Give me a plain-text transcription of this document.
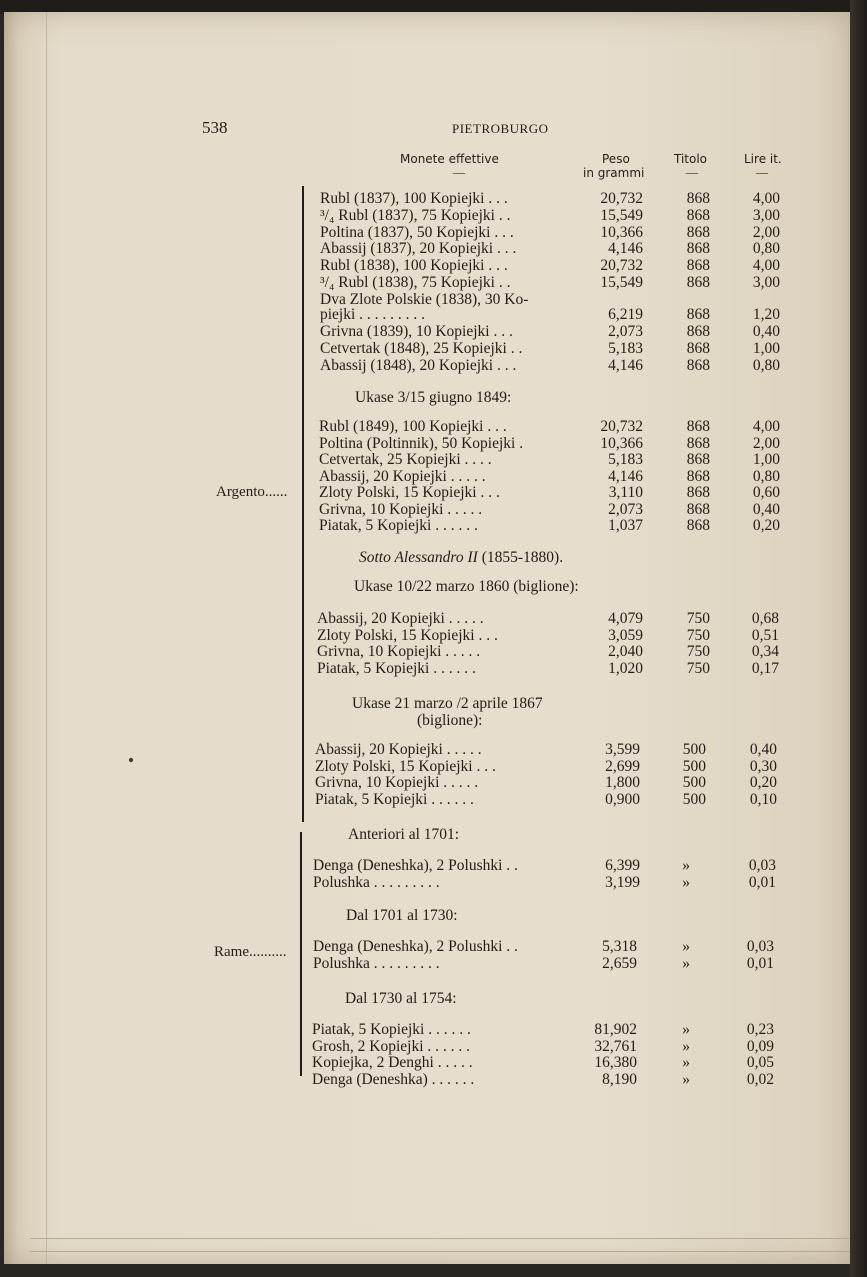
538	PIETROBURGO
Monete effettive	Peso
in grammi
Titolo	Lire it.
—	—	—
Argento......
Rame..........
Rubl (1837), 100 Kopiejki . . .	20,732	868	4,00
³/₄ Rubl (1837), 75 Kopiejki . .	15,549	868	3,00
Poltina (1837), 50 Kopiejki . . .	10,366	868	2,00
Abassij (1837), 20 Kopiejki . . .	4,146	868	0,80
Rubl (1838), 100 Kopiejki . . .	20,732	868	4,00
³/₄ Rubl (1838), 75 Kopiejki . .	15,549	868	3,00
Dva Zlote Polskie (1838), 30 Ko-
piejki . . . . . . . . .	6,219	868	1,20
Grivna (1839), 10 Kopiejki . . .	2,073	868	0,40
Cetvertak (1848), 25 Kopiejki . .	5,183	868	1,00
Abassij (1848), 20 Kopiejki . . .	4,146	868	0,80
Ukase 3/15 giugno 1849:
Rubl (1849), 100 Kopiejki . . .	20,732	868	4,00
Poltina (Poltinnik), 50 Kopiejki .	10,366	868	2,00
Cetvertak, 25 Kopiejki . . . .	5,183	868	1,00
Abassij, 20 Kopiejki . . . . .	4,146	868	0,80
Zloty Polski, 15 Kopiejki . . .	3,110	868	0,60
Grivna, 10 Kopiejki . . . . .	2,073	868	0,40
Piatak, 5 Kopiejki . . . . . .	1,037	868	0,20
Sotto Alessandro II (1855-1880).
Ukase 10/22 marzo 1860 (biglione):
Abassij, 20 Kopiejki . . . . .	4,079	750	0,68
Zloty Polski, 15 Kopiejki . . .	3,059	750	0,51
Grivna, 10 Kopiejki . . . . .	2,040	750	0,34
Piatak, 5 Kopiejki . . . . . .	1,020	750	0,17
Ukase 21 marzo /2 aprile 1867
(biglione):
Abassij, 20 Kopiejki . . . . .	3,599	500	0,40
Zloty Polski, 15 Kopiejki . . .	2,699	500	0,30
Grivna, 10 Kopiejki . . . . .	1,800	500	0,20
Piatak, 5 Kopiejki . . . . . .	0,900	500	0,10
Anteriori al 1701:
Denga (Deneshka), 2 Polushki . .	6,399	»	0,03
Polushka . . . . . . . . .	3,199	»	0,01
Dal 1701 al 1730:
Denga (Deneshka), 2 Polushki . .	5,318	»	0,03
Polushka . . . . . . . . .	2,659	»	0,01
Dal 1730 al 1754:
Piatak, 5 Kopiejki . . . . . .	81,902	»	0,23
Grosh, 2 Kopiejki . . . . . .	32,761	»	0,09
Kopiejka, 2 Denghi . . . . .	16,380	»	0,05
Denga (Deneshka) . . . . . .	8,190	»	0,02
